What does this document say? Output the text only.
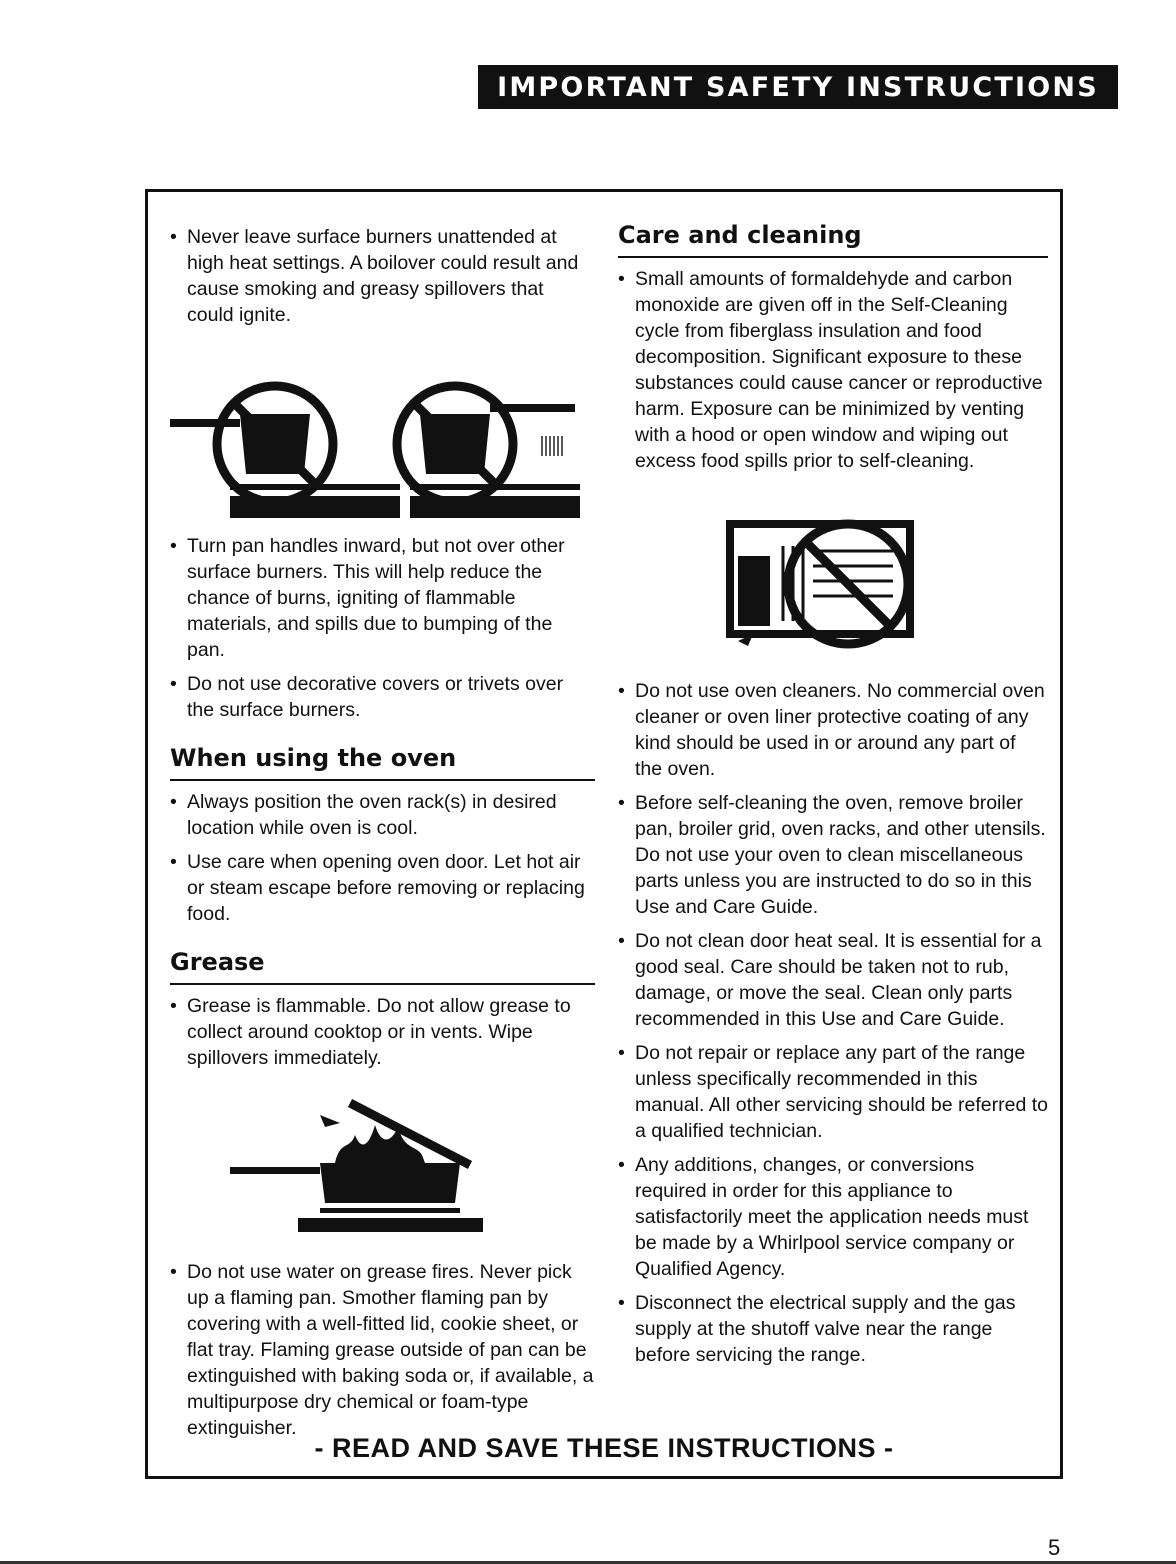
IMPORTANT SAFETY INSTRUCTIONS

• Never leave surface burners unattended at high heat settings. A boilover could result and cause smoking and greasy spillovers that could ignite.

• Turn pan handles inward, but not over other surface burners. This will help reduce the chance of burns, igniting of flammable materials, and spills due to bumping of the pan.

• Do not use decorative covers or trivets over the surface burners.

When using the oven

• Always position the oven rack(s) in desired location while oven is cool.

• Use care when opening oven door. Let hot air or steam escape before removing or replacing food.

Grease

• Grease is flammable. Do not allow grease to collect around cooktop or in vents. Wipe spillovers immediately.

• Do not use water on grease fires. Never pick up a flaming pan. Smother flaming pan by covering with a well-fitted lid, cookie sheet, or flat tray. Flaming grease outside of pan can be extinguished with baking soda or, if available, a multipurpose dry chemical or foam-type extinguisher.

Care and cleaning

• Small amounts of formaldehyde and carbon monoxide are given off in the Self-Cleaning cycle from fiberglass insulation and food decomposition. Significant exposure to these substances could cause cancer or reproductive harm. Exposure can be minimized by venting with a hood or open window and wiping out excess food spills prior to self-cleaning.

• Do not use oven cleaners. No commercial oven cleaner or oven liner protective coating of any kind should be used in or around any part of the oven.

• Before self-cleaning the oven, remove broiler pan, broiler grid, oven racks, and other utensils. Do not use your oven to clean miscellaneous parts unless you are instructed to do so in this Use and Care Guide.

• Do not clean door heat seal. It is essential for a good seal. Care should be taken not to rub, damage, or move the seal. Clean only parts recommended in this Use and Care Guide.

• Do not repair or replace any part of the range unless specifically recommended in this manual. All other servicing should be referred to a qualified technician.

• Any additions, changes, or conversions required in order for this appliance to satisfactorily meet the application needs must be made by a Whirlpool service company or Qualified Agency.

• Disconnect the electrical supply and the gas supply at the shutoff valve near the range before servicing the range.

- READ AND SAVE THESE INSTRUCTIONS -
5
